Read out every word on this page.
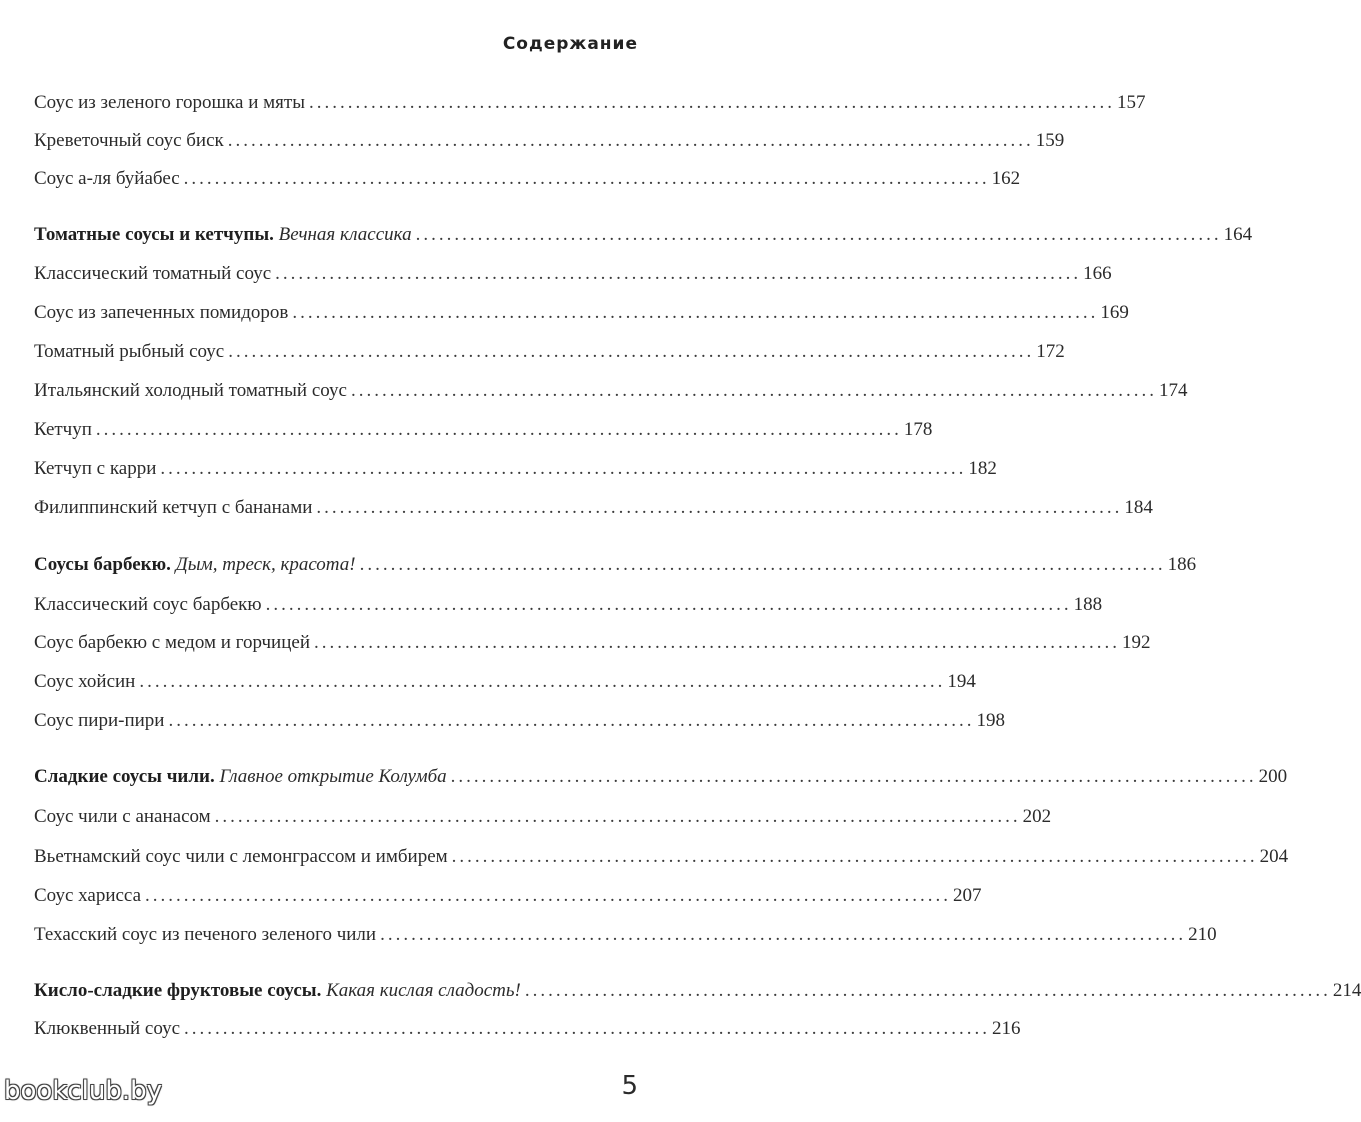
Содержание
Соус из зеленого горошка и мяты ........................................................................................................ 157
Креветочный соус биск ........................................................................................................ 159
Соус а-ля буйабес ........................................................................................................ 162
Томатные соусы и кетчупы. Вечная классика ........................................................................................................ 164
Классический томатный соус ........................................................................................................ 166
Соус из запеченных помидоров ........................................................................................................ 169
Томатный рыбный соус ........................................................................................................ 172
Итальянский холодный томатный соус ........................................................................................................ 174
Кетчуп ........................................................................................................ 178
Кетчуп с карри ........................................................................................................ 182
Филиппинский кетчуп с бананами ........................................................................................................ 184
Соусы барбекю. Дым, треск, красота! ........................................................................................................ 186
Классический соус барбекю ........................................................................................................ 188
Соус барбекю с медом и горчицей ........................................................................................................ 192
Соус хойсин ........................................................................................................ 194
Соус пири-пири ........................................................................................................ 198
Сладкие соусы чили. Главное открытие Колумба ........................................................................................................ 200
Соус чили с ананасом ........................................................................................................ 202
Вьетнамский соус чили с лемонграссом и имбирем ........................................................................................................ 204
Соус харисса ........................................................................................................ 207
Техасский соус из печеного зеленого чили ........................................................................................................ 210
Кисло-сладкие фруктовые соусы. Какая кислая сладость! ........................................................................................................ 214
Клюквенный соус ........................................................................................................ 216
bookclub.by	5
